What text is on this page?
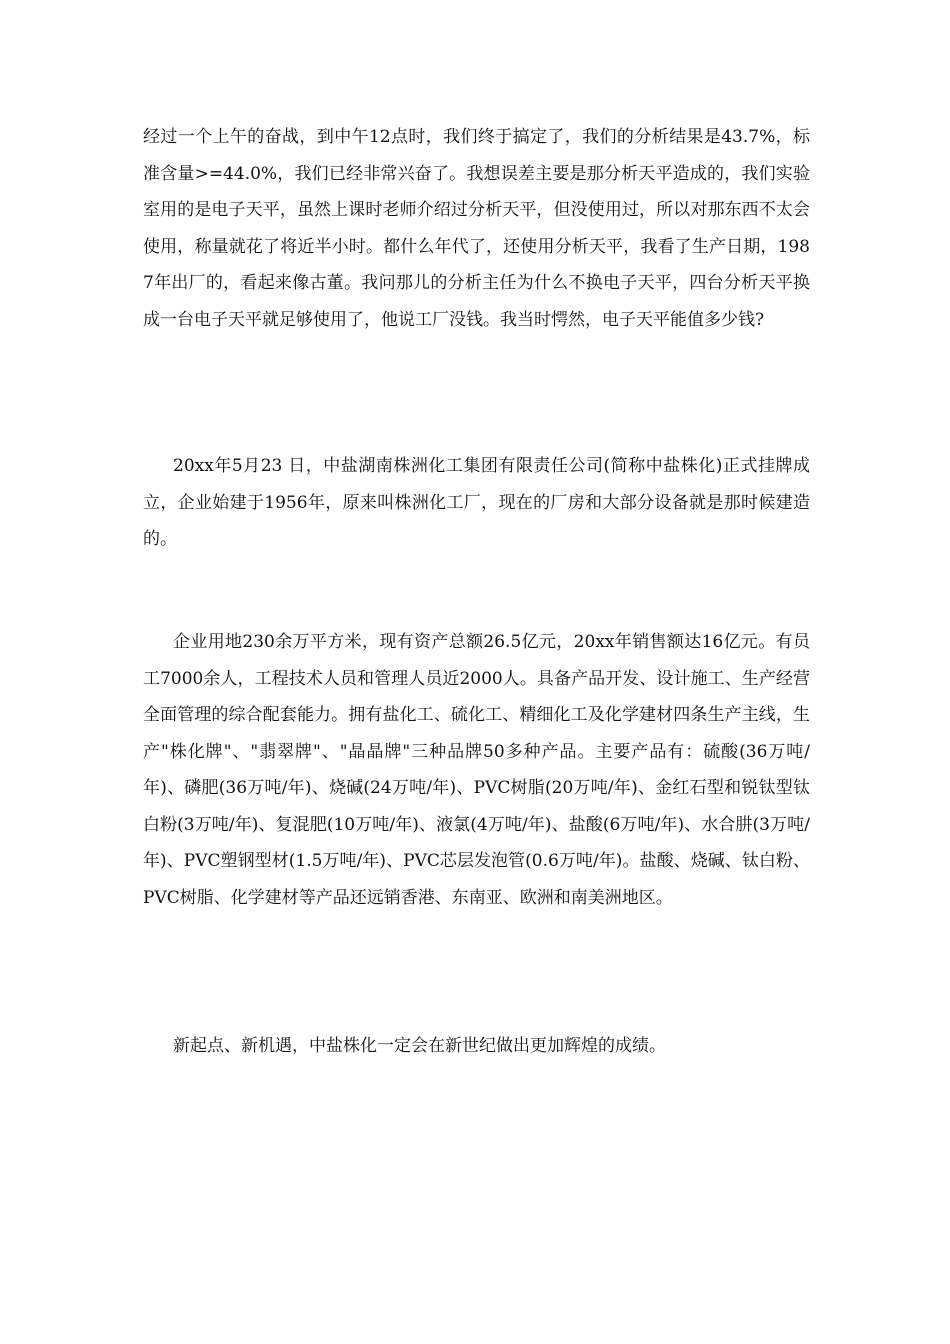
经过一个上午的奋战，到中午12点时，我们终于搞定了，我们的分析结果是43.7%，标准含量>=44.0%，我们已经非常兴奋了。我想误差主要是那分析天平造成的，我们实验室用的是电子天平，虽然上课时老师介绍过分析天平，但没使用过，所以对那东西不太会使用，称量就花了将近半小时。都什么年代了，还使用分析天平，我看了生产日期，1987年出厂的，看起来像古董。我问那儿的分析主任为什么不换电子天平，四台分析天平换成一台电子天平就足够使用了，他说工厂没钱。我当时愕然，电子天平能值多少钱?

20xx年5月23 日，中盐湖南株洲化工集团有限责任公司(简称中盐株化)正式挂牌成立，企业始建于1956年，原来叫株洲化工厂，现在的厂房和大部分设备就是那时候建造的。

企业用地230余万平方米，现有资产总额26.5亿元，20xx年销售额达16亿元。有员工7000余人，工程技术人员和管理人员近2000人。具备产品开发、设计施工、生产经营全面管理的综合配套能力。拥有盐化工、硫化工、精细化工及化学建材四条生产主线，生产"株化牌"、"翡翠牌"、"晶晶牌"三种品牌50多种产品。主要产品有：硫酸(36万吨/年)、磷肥(36万吨/年)、烧碱(24万吨/年)、PVC树脂(20万吨/年)、金红石型和锐钛型钛白粉(3万吨/年)、复混肥(10万吨/年)、液氯(4万吨/年)、盐酸(6万吨/年)、水合肼(3万吨/年)、PVC塑钢型材(1.5万吨/年)、PVC芯层发泡管(0.6万吨/年)。盐酸、烧碱、钛白粉、PVC树脂、化学建材等产品还远销香港、东南亚、欧洲和南美洲地区。

新起点、新机遇，中盐株化一定会在新世纪做出更加辉煌的成绩。
